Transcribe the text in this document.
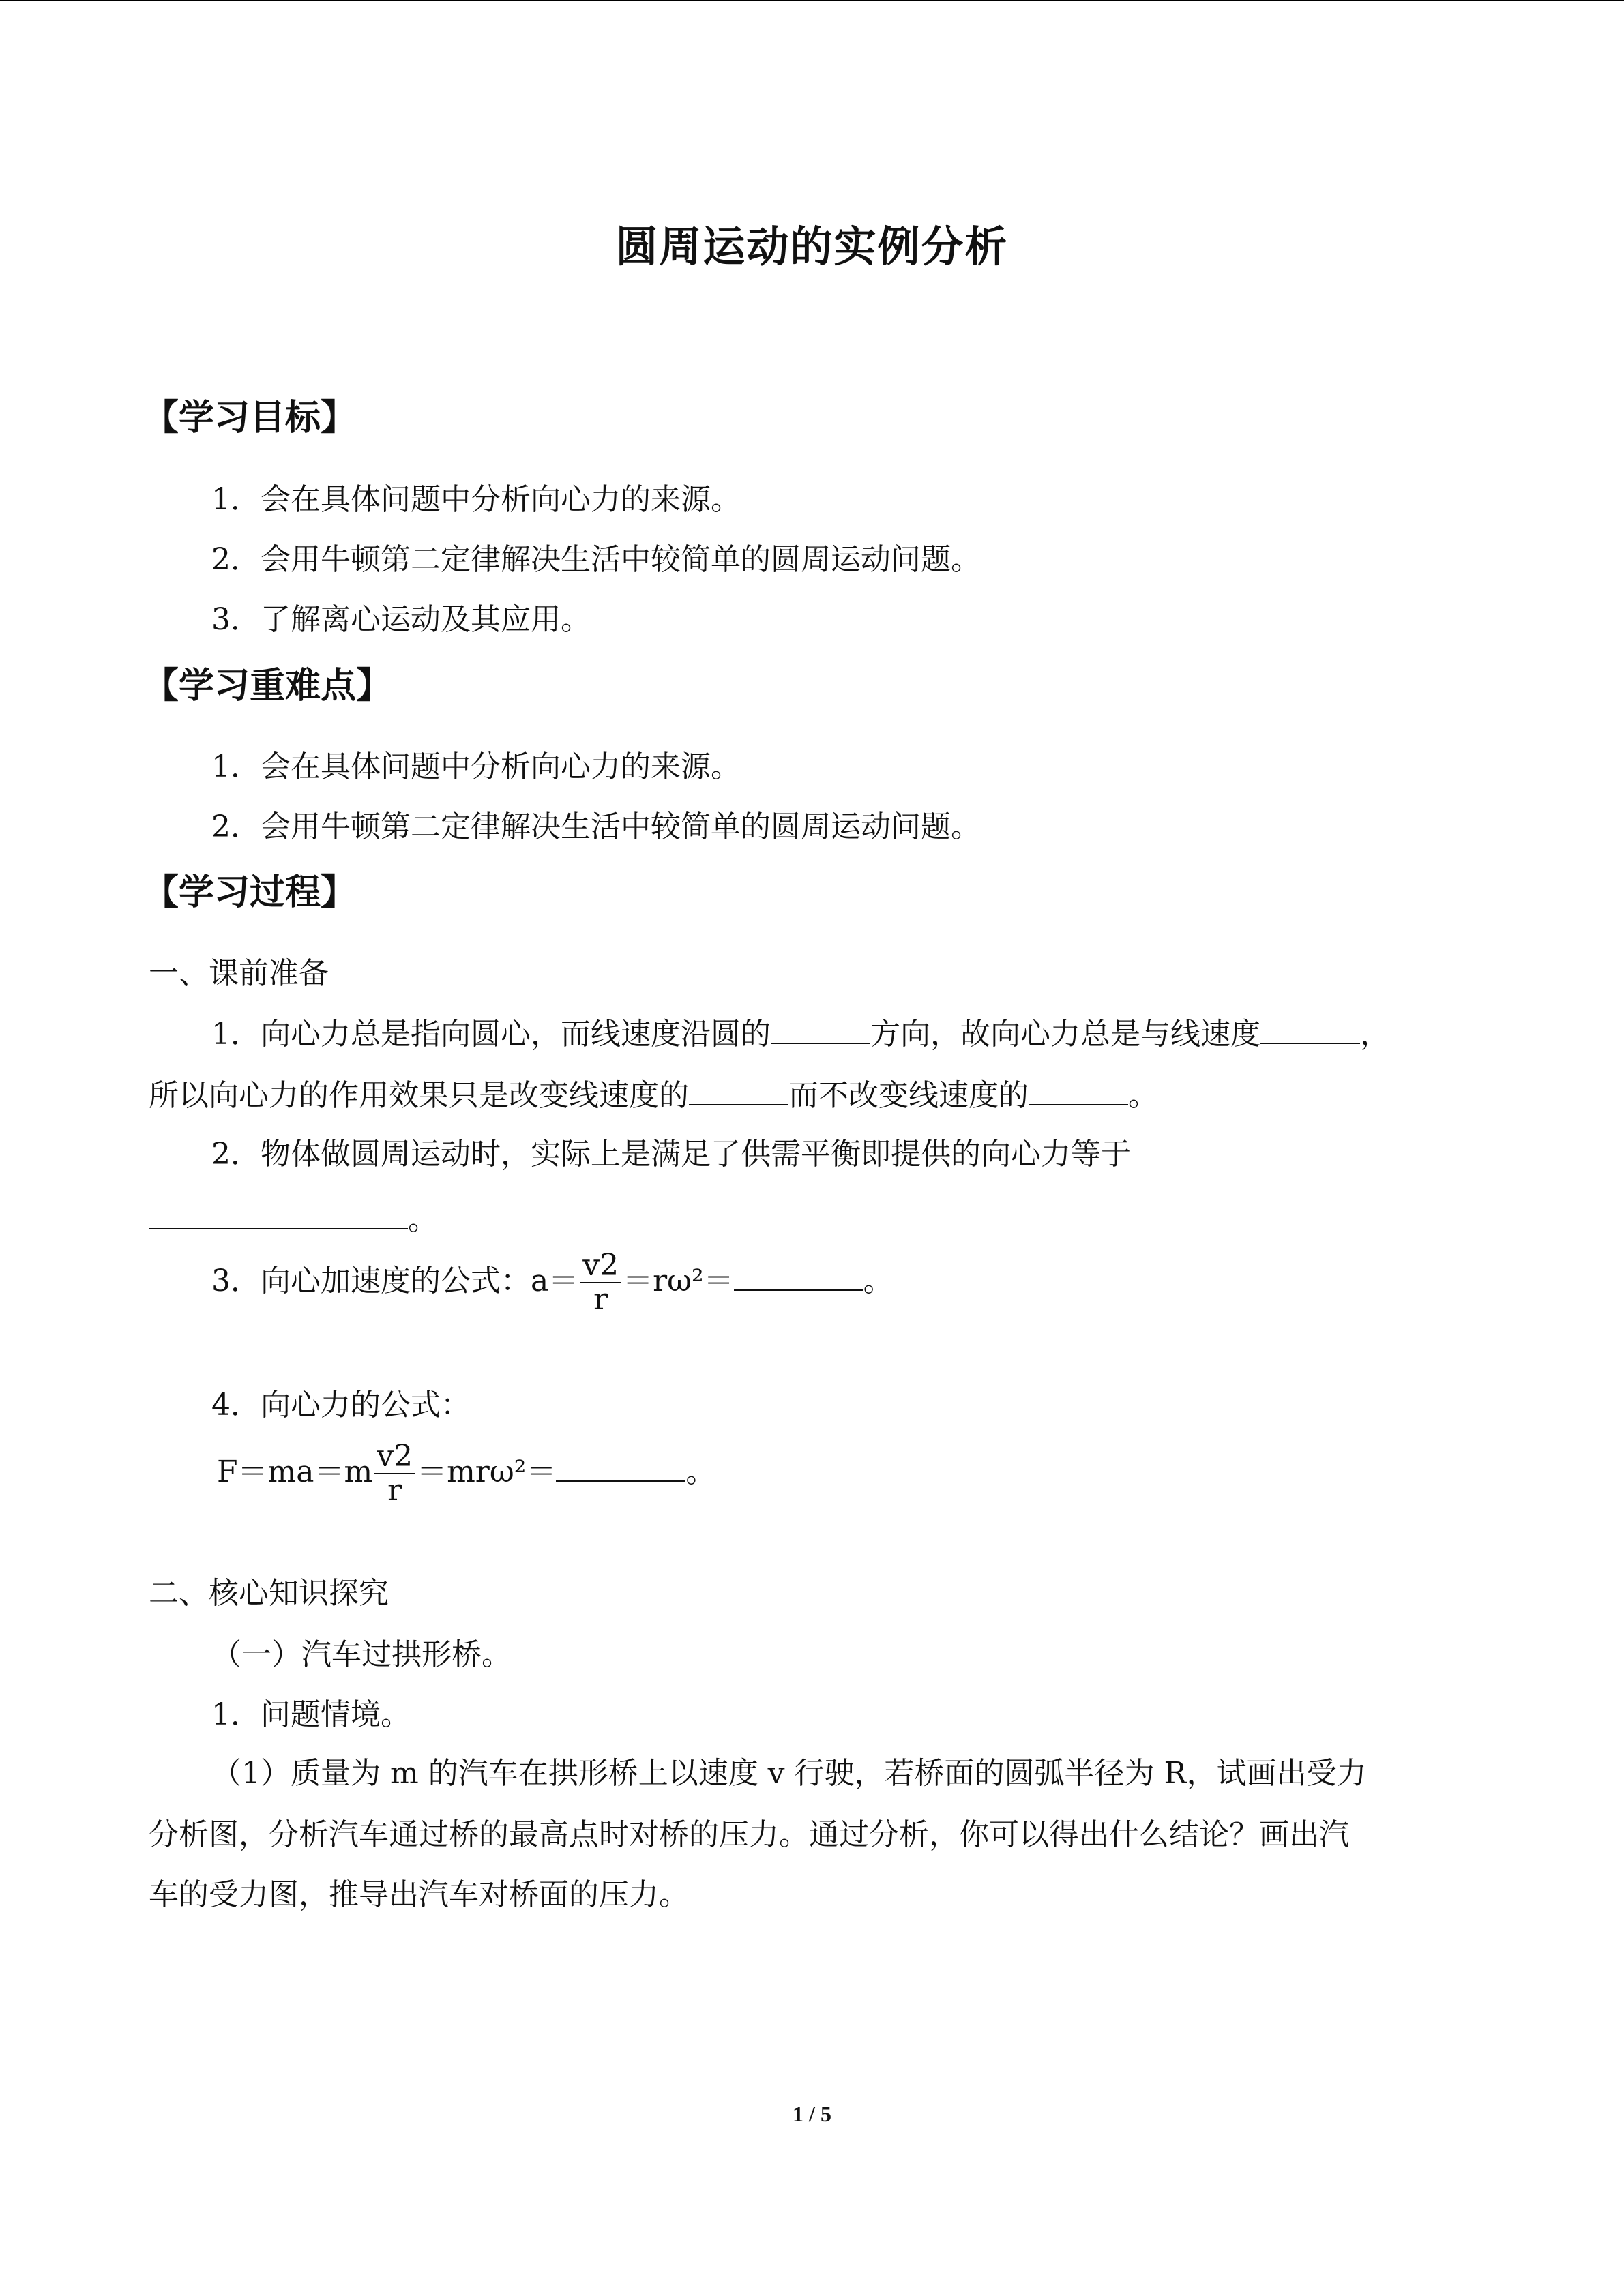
圆周运动的实例分析
【学习目标】
1．会在具体问题中分析向心力的来源。
2．会用牛顿第二定律解决生活中较简单的圆周运动问题。
3．了解离心运动及其应用。
【学习重难点】
1．会在具体问题中分析向心力的来源。
2．会用牛顿第二定律解决生活中较简单的圆周运动问题。
【学习过程】
一、课前准备
1．向心力总是指向圆心，而线速度沿圆的	方向，故向心力总是与线速度	，
所以向心力的作用效果只是改变线速度的	而不改变线速度的	。
2．物体做圆周运动时，实际上是满足了供需平衡即提供的向心力等于
。
3．向心加速度的公式：$a= \frac{v2}{r} =r\omega^2=$	。
4．向心力的公式：
$F=ma=m \frac{v2}{r} =mr\omega^2=$	。
二、核心知识探究
（一）汽车过拱形桥。
1．问题情境。
（1）质量为 m 的汽车在拱形桥上以速度 v 行驶，若桥面的圆弧半径为 R，试画出受力
分析图，分析汽车通过桥的最高点时对桥的压力。通过分析，你可以得出什么结论？画出汽
车的受力图，推导出汽车对桥面的压力。
1 / 5
